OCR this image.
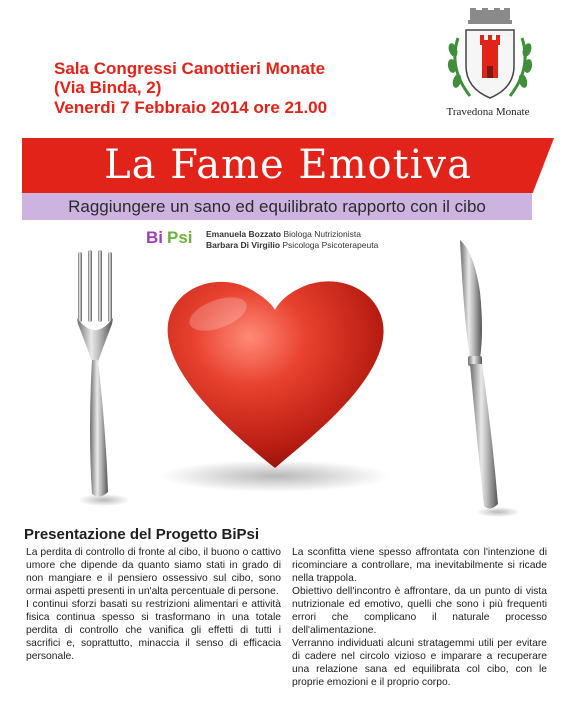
Sala Congressi Canottieri Monate
(Via Binda, 2)
Venerdì 7 Febbraio 2014 ore 21.00	Travedona Monate
La Fame Emotiva
Raggiungere un sano ed equilibrato rapporto con il cibo
Bi Psi Emanuela Bozzato Biologa Nutrizionista
Barbara Di Virgilio Psicologa Psicoterapeuta
Presentazione del Progetto BiPsi

La perdita di controllo di fronte al cibo, il buono o cattivo umore che dipende da quanto siamo stati in grado di non mangiare e il pensiero ossessivo sul cibo, sono ormai aspetti presenti in un'alta percentuale di persone.

I continui sforzi basati su restrizioni alimentari e attività fisica continua spesso si trasformano in una totale perdita di controllo che vanifica gli effetti di tutti i sacrifici e, soprattutto, minaccia il senso di efficacia personale.

La sconfitta viene spesso affrontata con l'intenzione di ricominciare a controllare, ma inevitabilmente si ricade nella trappola.

Obiettivo dell'incontro è affrontare, da un punto di vista nutrizionale ed emotivo, quelli che sono i più frequenti errori che complicano il naturale processo dell'alimentazione.

Verranno individuati alcuni stratagemmi utili per evitare di cadere nel circolo vizioso e imparare a recuperare una relazione sana ed equilibrata col cibo, con le proprie emozioni e il proprio corpo.
